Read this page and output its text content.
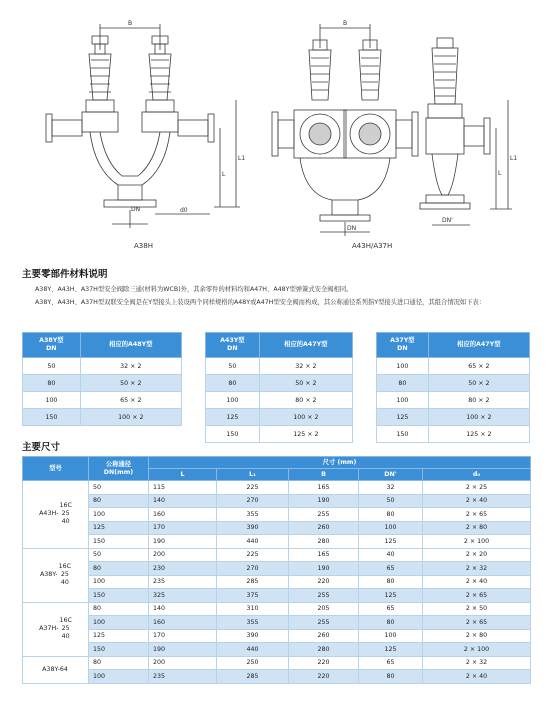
B
DN	d0
L
L1
B
DN
L
L1
DN'
A38H	A43H/A37H
主要零部件材料说明
A38Y、A43H、A37H型安全阀除三通(材料为WCB)外，其余零件的材料均和A47H、A48Y型弹簧式安全阀相同。
A38Y、A43H、A37H型双联安全阀是在Y型接头上装设两个同样规格的A48Y或A47H型安全阀而构成，其公称通径系列指Y型接头进口通径，其组合情况如下表：
A38Y型
DN	相应的A48Y型
50	32 × 2
80	50 × 2
100	65 × 2
150	100 × 2
A43Y型
DN	相应的A47Y型
50	32 × 2
80	50 × 2
100	80 × 2
125	100 × 2
150	125 × 2
A37Y型
DN	相应的A47Y型
100	65 × 2
80	50 × 2
100	80 × 2
125	100 × 2
150	125 × 2
主要尺寸
型号	公称通径
DN(mm)	尺寸 (mm)				
		L	L₁	B	DN'	d₀

A43H-
16C
25
40	50	115	225	165	32	2 × 25
	80	140	270	190	50	2 × 40
	100	160	355	255	80	2 × 65
	125	170	390	260	100	2 × 80
	150	190	440	280	125	2 × 100

A38Y-
16C
25
40	50	200	225	165	40	2 × 20
	80	230	270	190	65	2 × 32
	100	235	285	220	80	2 × 40
	150	325	375	255	125	2 × 65

A37H-
16C
25
40	80	140	310	205	65	2 × 50
	100	160	355	255	80	2 × 65
	125	170	390	260	100	2 × 80
	150	190	440	280	125	2 × 100

A38Y-64	80	200	250	220	65	2 × 32
	100	235	285	220	80	2 × 40
